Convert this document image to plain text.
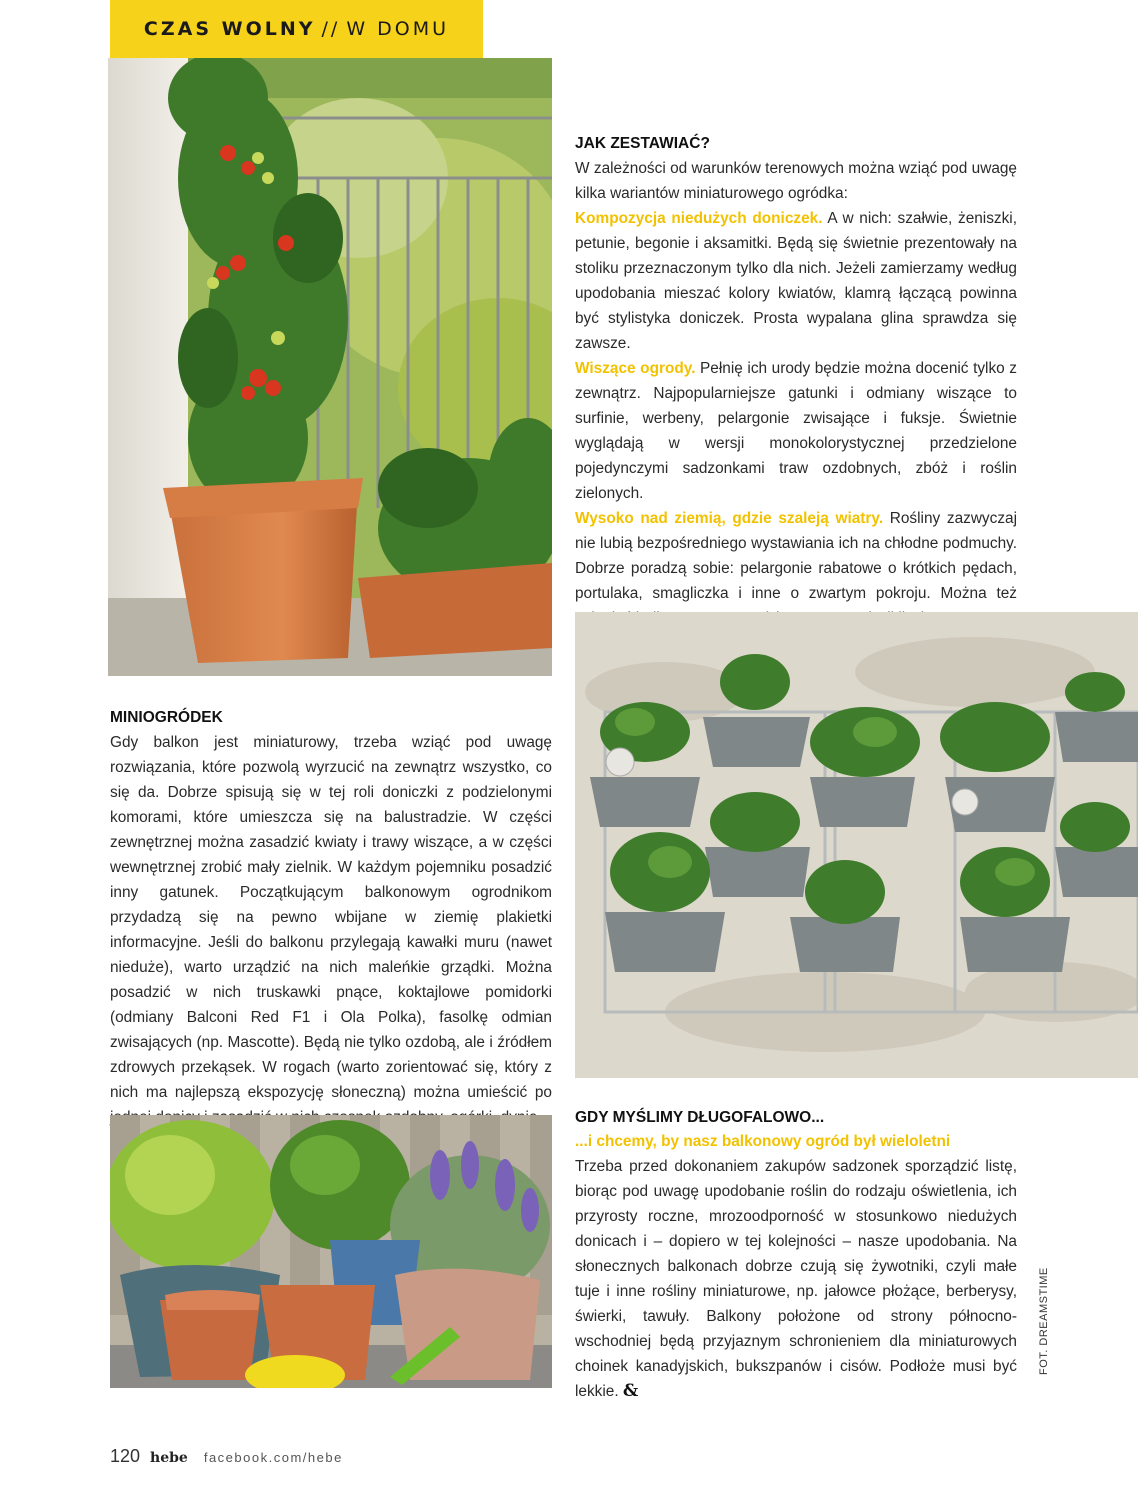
CZAS WOLNY // W DOMU
JAK ZESTAWIAĆ?

W zależności od warunków terenowych można wziąć pod uwagę kilka wariantów miniaturowego ogródka:

Kompozycja niedużych doniczek. A w nich: szałwie, żeniszki, petunie, begonie i aksamitki. Będą się świetnie prezentowały na stoliku przeznaczonym tylko dla nich. Jeżeli zamierzamy według upodobania mieszać kolory kwiatów, klamrą łączącą powinna być stylistyka doniczek. Prosta wypalana glina sprawdza się zawsze.

Wiszące ogrody. Pełnię ich urody będzie można docenić tylko z zewnątrz. Najpopularniejsze gatunki i odmiany wiszące to surfinie, werbeny, pelargonie zwisające i fuksje. Świetnie wyglądają w wersji monokolorystycznej przedzielone pojedynczymi sadzonkami traw ozdobnych, zbóż i roślin zielonych.

Wysoko nad ziemią, gdzie szaleją wiatry. Rośliny zazwyczaj nie lubią bezpośredniego wystawiania ich na chłodne podmuchy. Dobrze poradzą sobie: pelargonie rabatowe o krótkich pędach, portulaka, smagliczka i inne o zwartym pokroju. Można też

MINIOGRÓDEK

Gdy balkon jest miniaturowy, trzeba wziąć pod uwagę rozwiązania, które pozwolą wyrzucić na zewnątrz wszystko, co się da. Dobrze spisują się w tej roli doniczki z podzielonymi komorami, które umieszcza się na balustradzie. W części zewnętrznej można zasadzić kwiaty i trawy wiszące, a w części wewnętrznej zrobić mały zielnik. W każdym pojemniku posadzić inny gatunek. Początkującym balkonowym ogrodnikom przydadzą się na pewno wbijane w ziemię plakietki informacyjne. Jeśli do balkonu przylegają kawałki muru (nawet nieduże), warto urządzić na nich maleńkie grządki. Można posadzić w nich truskawki pnące, koktajlowe pomidorki (odmiany Balconi Red F1 i Ola Polka), fasolkę odmian zwisających (np. Mascotte). Będą nie tylko ozdobą, ale i źródłem zdrowych przekąsek. W rogach (warto zorientować się, który z nich ma najlepszą ekspozycję słoneczną) można umieścić po

GDY MYŚLIMY DŁUGOFALOWO...
...i chcemy, by nasz balkonowy ogród był wieloletni

Trzeba przed dokonaniem zakupów sadzonek sporządzić listę, biorąc pod uwagę upodobanie roślin do rodzaju oświetlenia, ich przyrosty roczne, mrozoodporność w stosunkowo niedużych donicach i – dopiero w tej kolejności – nasze upodobania. Na słonecznych balkonach dobrze czują się żywotniki, czyli małe tuje i inne rośliny miniaturowe, np. jałowce płożące, berberysy, świerki, tawuły. Balkony położone od strony północno-wschodniej będą przyjaznym schronieniem dla miniaturowych choinek kanadyjskich, bukszpanów i cisów. Podłoże musi być lekkie. &

FOT. DREAMSTIME
120 hebe facebook.com/hebe
